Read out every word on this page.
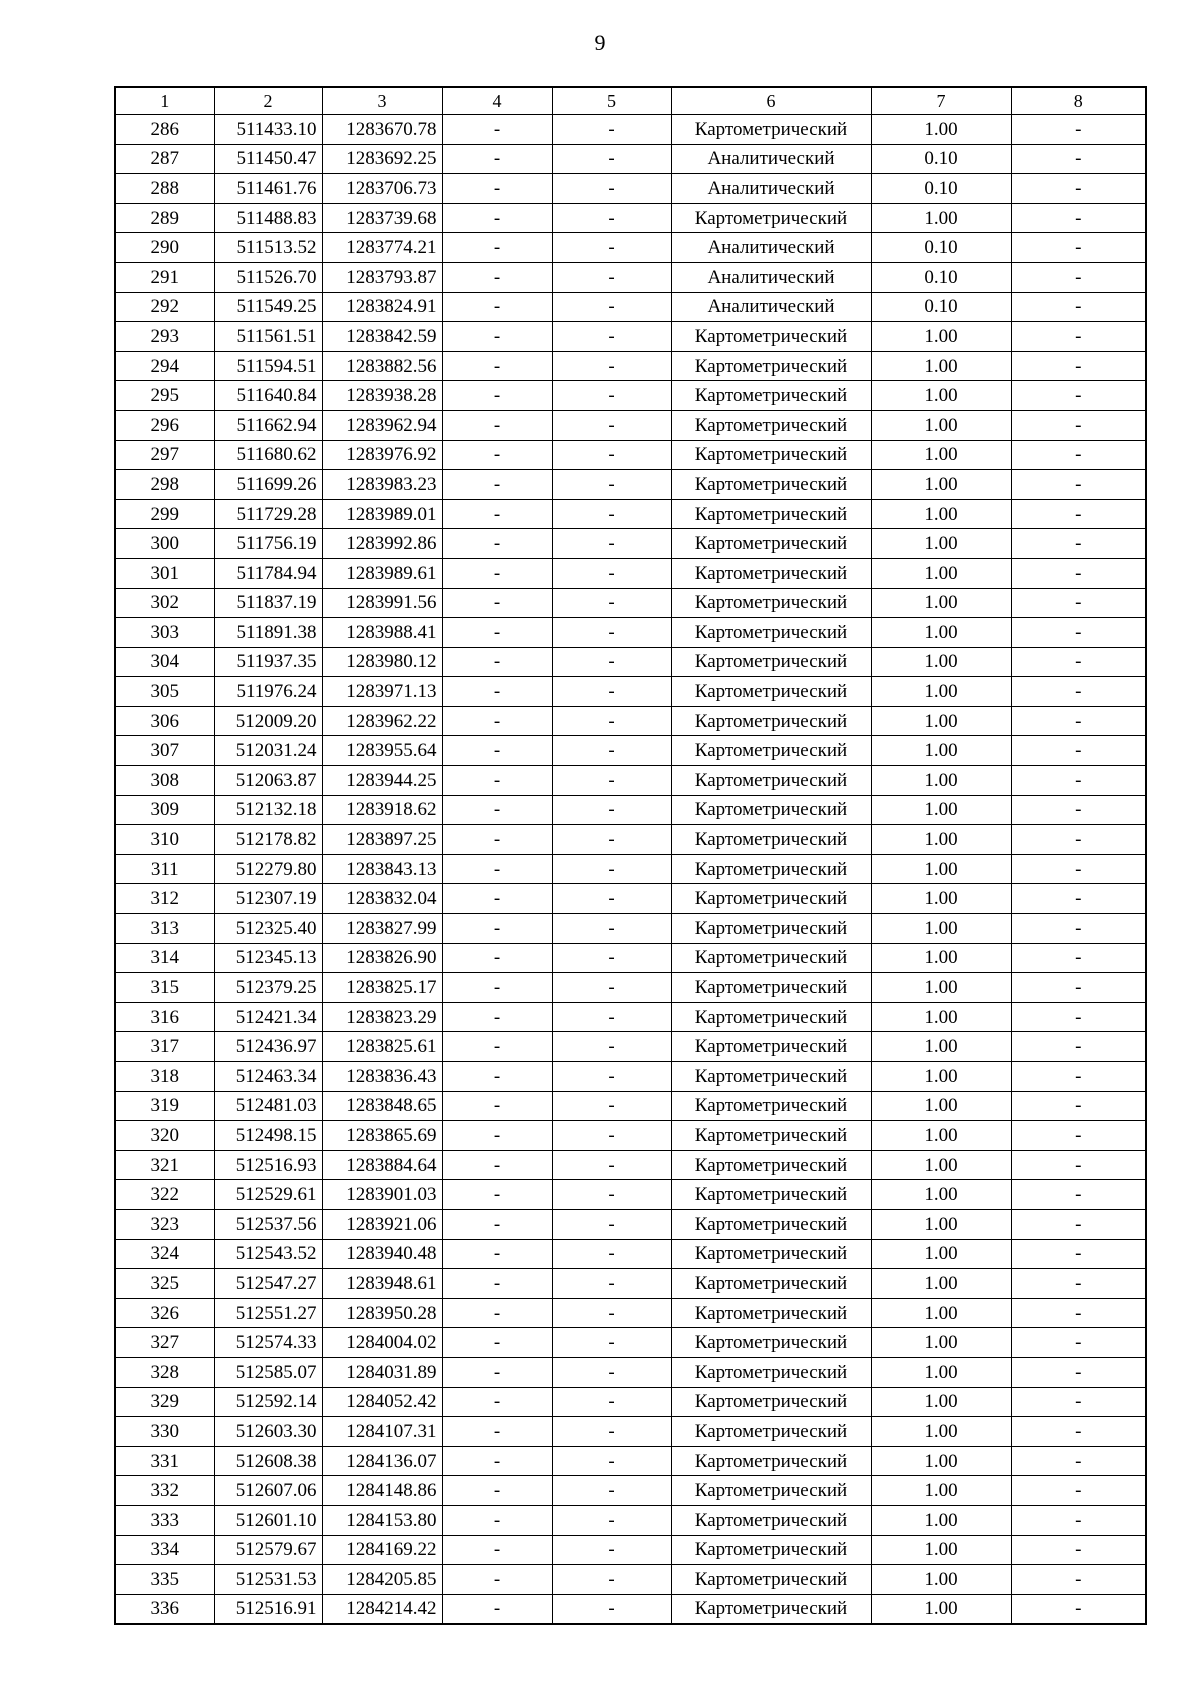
9
1	2	3	4	5	6	7	8
286	511433.10	1283670.78	-	-	Картометрический	1.00	-
287	511450.47	1283692.25	-	-	Аналитический	0.10	-
288	511461.76	1283706.73	-	-	Аналитический	0.10	-
289	511488.83	1283739.68	-	-	Картометрический	1.00	-
290	511513.52	1283774.21	-	-	Аналитический	0.10	-
291	511526.70	1283793.87	-	-	Аналитический	0.10	-
292	511549.25	1283824.91	-	-	Аналитический	0.10	-
293	511561.51	1283842.59	-	-	Картометрический	1.00	-
294	511594.51	1283882.56	-	-	Картометрический	1.00	-
295	511640.84	1283938.28	-	-	Картометрический	1.00	-
296	511662.94	1283962.94	-	-	Картометрический	1.00	-
297	511680.62	1283976.92	-	-	Картометрический	1.00	-
298	511699.26	1283983.23	-	-	Картометрический	1.00	-
299	511729.28	1283989.01	-	-	Картометрический	1.00	-
300	511756.19	1283992.86	-	-	Картометрический	1.00	-
301	511784.94	1283989.61	-	-	Картометрический	1.00	-
302	511837.19	1283991.56	-	-	Картометрический	1.00	-
303	511891.38	1283988.41	-	-	Картометрический	1.00	-
304	511937.35	1283980.12	-	-	Картометрический	1.00	-
305	511976.24	1283971.13	-	-	Картометрический	1.00	-
306	512009.20	1283962.22	-	-	Картометрический	1.00	-
307	512031.24	1283955.64	-	-	Картометрический	1.00	-
308	512063.87	1283944.25	-	-	Картометрический	1.00	-
309	512132.18	1283918.62	-	-	Картометрический	1.00	-
310	512178.82	1283897.25	-	-	Картометрический	1.00	-
311	512279.80	1283843.13	-	-	Картометрический	1.00	-
312	512307.19	1283832.04	-	-	Картометрический	1.00	-
313	512325.40	1283827.99	-	-	Картометрический	1.00	-
314	512345.13	1283826.90	-	-	Картометрический	1.00	-
315	512379.25	1283825.17	-	-	Картометрический	1.00	-
316	512421.34	1283823.29	-	-	Картометрический	1.00	-
317	512436.97	1283825.61	-	-	Картометрический	1.00	-
318	512463.34	1283836.43	-	-	Картометрический	1.00	-
319	512481.03	1283848.65	-	-	Картометрический	1.00	-
320	512498.15	1283865.69	-	-	Картометрический	1.00	-
321	512516.93	1283884.64	-	-	Картометрический	1.00	-
322	512529.61	1283901.03	-	-	Картометрический	1.00	-
323	512537.56	1283921.06	-	-	Картометрический	1.00	-
324	512543.52	1283940.48	-	-	Картометрический	1.00	-
325	512547.27	1283948.61	-	-	Картометрический	1.00	-
326	512551.27	1283950.28	-	-	Картометрический	1.00	-
327	512574.33	1284004.02	-	-	Картометрический	1.00	-
328	512585.07	1284031.89	-	-	Картометрический	1.00	-
329	512592.14	1284052.42	-	-	Картометрический	1.00	-
330	512603.30	1284107.31	-	-	Картометрический	1.00	-
331	512608.38	1284136.07	-	-	Картометрический	1.00	-
332	512607.06	1284148.86	-	-	Картометрический	1.00	-
333	512601.10	1284153.80	-	-	Картометрический	1.00	-
334	512579.67	1284169.22	-	-	Картометрический	1.00	-
335	512531.53	1284205.85	-	-	Картометрический	1.00	-
336	512516.91	1284214.42	-	-	Картометрический	1.00	-
